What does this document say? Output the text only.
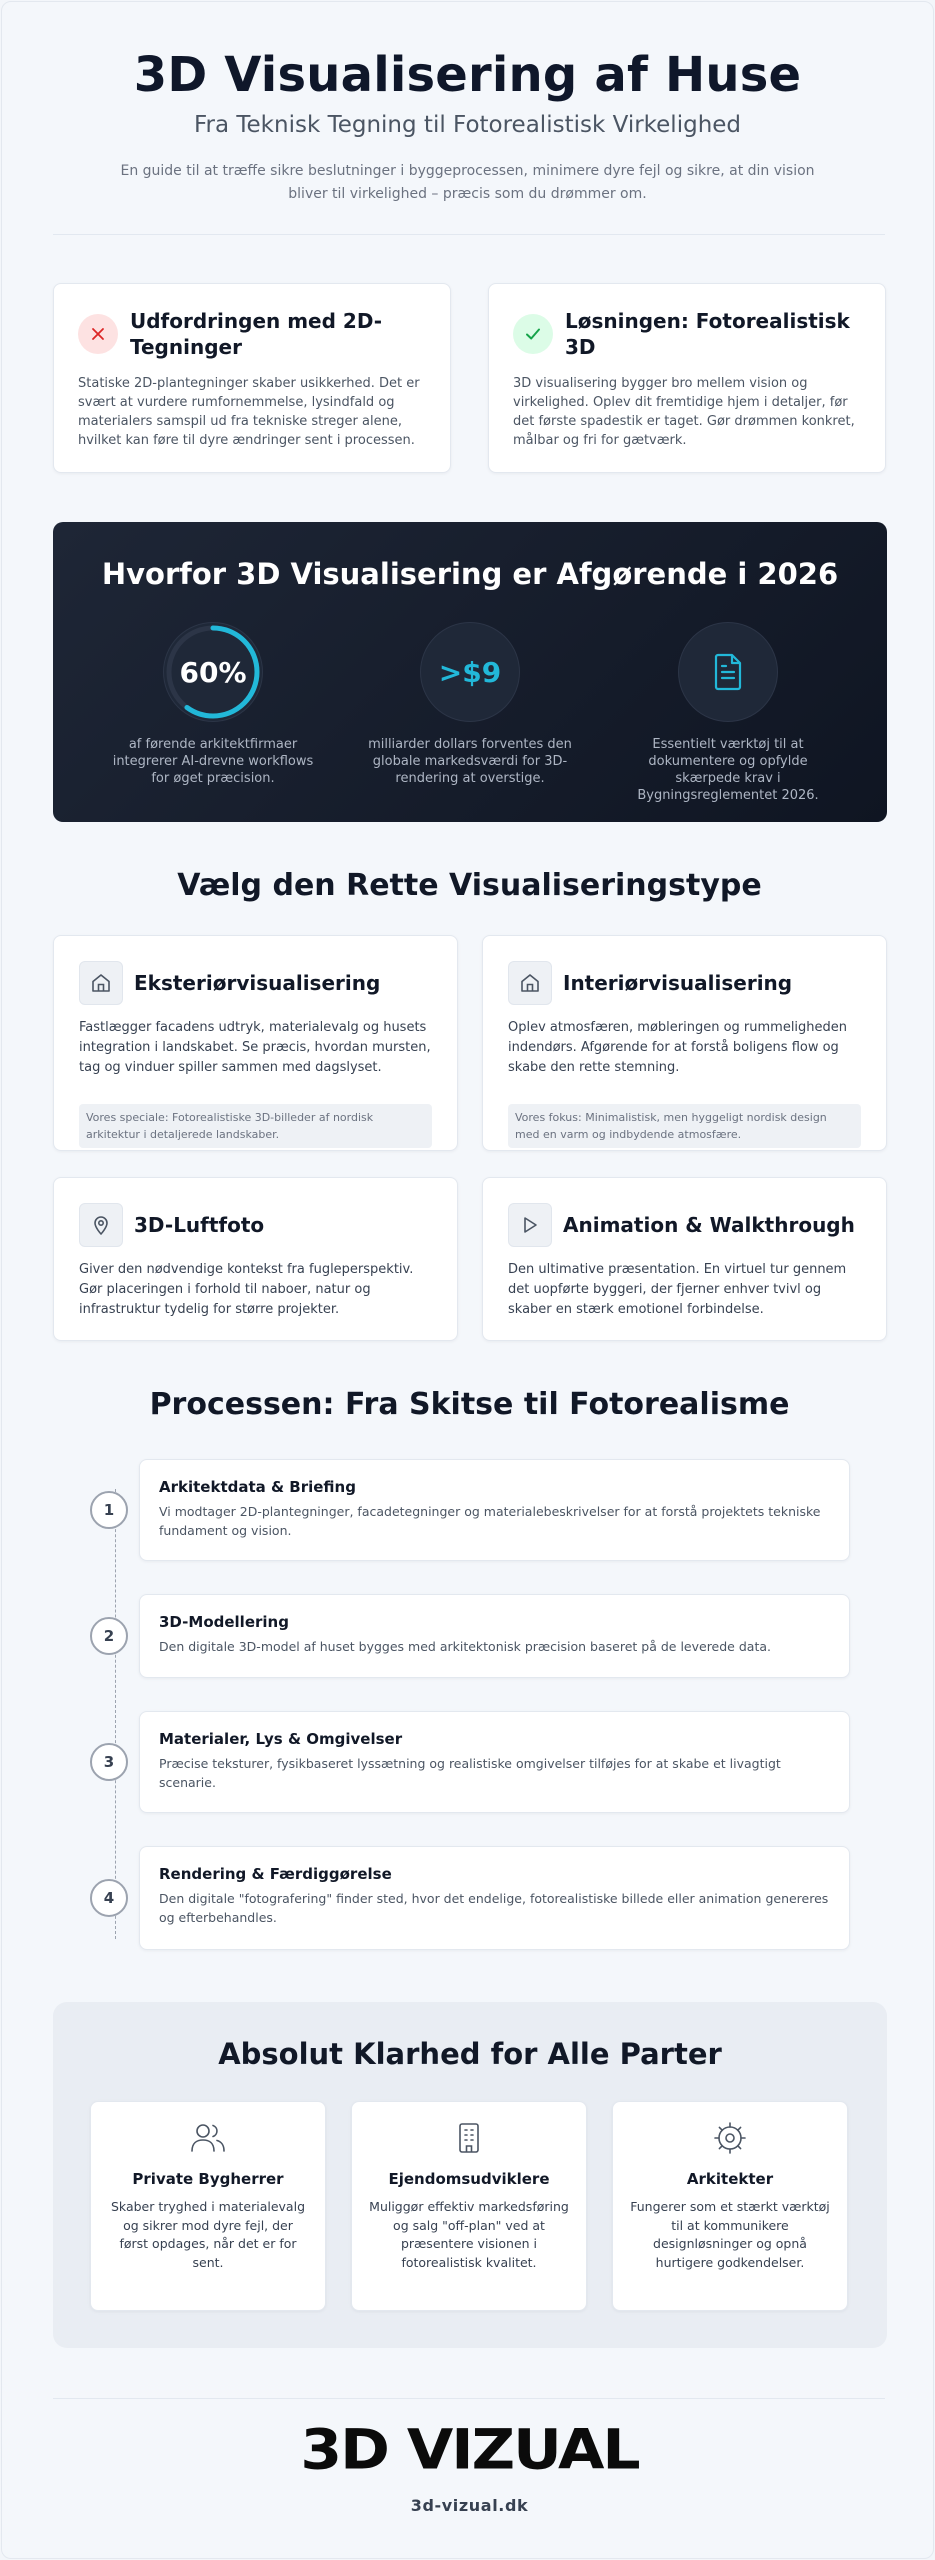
3D Visualisering af Huse
Fra Teknisk Tegning til Fotorealistisk Virkelighed

En guide til at træffe sikre beslutninger i byggeprocessen, minimere dyre fejl og sikre, at din vision bliver til virkelighed – præcis som du drømmer om.

Udfordringen med 2D-Tegninger

Statiske 2D-plantegninger skaber usikkerhed. Det er svært at vurdere rumfornemmelse, lysindfald og materialers samspil ud fra tekniske streger alene, hvilket kan føre til dyre ændringer sent i processen.

Løsningen: Fotorealistisk 3D

3D visualisering bygger bro mellem vision og virkelighed. Oplev dit fremtidige hjem i detaljer, før det første spadestik er taget. Gør drømmen konkret, målbar og fri for gætværk.

Hvorfor 3D Visualisering er Afgørende i 2026
60%

af førende arkitektfirmaer integrerer AI-drevne workflows for øget præcision.

>$9

milliarder dollars forventes den globale markedsværdi for 3D-rendering at overstige.

Essentielt værktøj til at dokumentere og opfylde skærpede krav i Bygningsreglementet 2026.

Vælg den Rette Visualiseringstype
Eksteriørvisualisering

Fastlægger facadens udtryk, materialevalg og husets integration i landskabet. Se præcis, hvordan mursten, tag og vinduer spiller sammen med dagslyset.

Vores speciale: Fotorealistiske 3D-billeder af nordisk arkitektur i detaljerede landskaber.
Interiørvisualisering

Oplev atmosfæren, møbleringen og rummeligheden indendørs. Afgørende for at forstå boligens flow og skabe den rette stemning.

Vores fokus: Minimalistisk, men hyggeligt nordisk design med en varm og indbydende atmosfære.
3D-Luftfoto

Giver den nødvendige kontekst fra fugleperspektiv. Gør placeringen i forhold til naboer, natur og infrastruktur tydelig for større projekter.

Animation & Walkthrough

Den ultimative præsentation. En virtuel tur gennem det uopførte byggeri, der fjerner enhver tvivl og skaber en stærk emotionel forbindelse.

Processen: Fra Skitse til Fotorealisme
1
Arkitektdata & Briefing

Vi modtager 2D-plantegninger, facadetegninger og materialebeskrivelser for at forstå projektets tekniske fundament og vision.

2
3D-Modellering

Den digitale 3D-model af huset bygges med arkitektonisk præcision baseret på de leverede data.

3
Materialer, Lys & Omgivelser

Præcise teksturer, fysikbaseret lyssætning og realistiske omgivelser tilføjes for at skabe et livagtigt scenarie.

4
Rendering & Færdiggørelse

Den digitale "fotografering" finder sted, hvor det endelige, fotorealistiske billede eller animation genereres og efterbehandles.

Absolut Klarhed for Alle Parter
Private Bygherrer

Skaber tryghed i materialevalg og sikrer mod dyre fejl, der først opdages, når det er for sent.

Ejendomsudviklere

Muliggør effektiv markedsføring og salg "off-plan" ved at præsentere visionen i fotorealistisk kvalitet.

Arkitekter

Fungerer som et stærkt værktøj til at kommunikere designløsninger og opnå hurtigere godkendelser.

3D VIZUAL
3d-vizual.dk
